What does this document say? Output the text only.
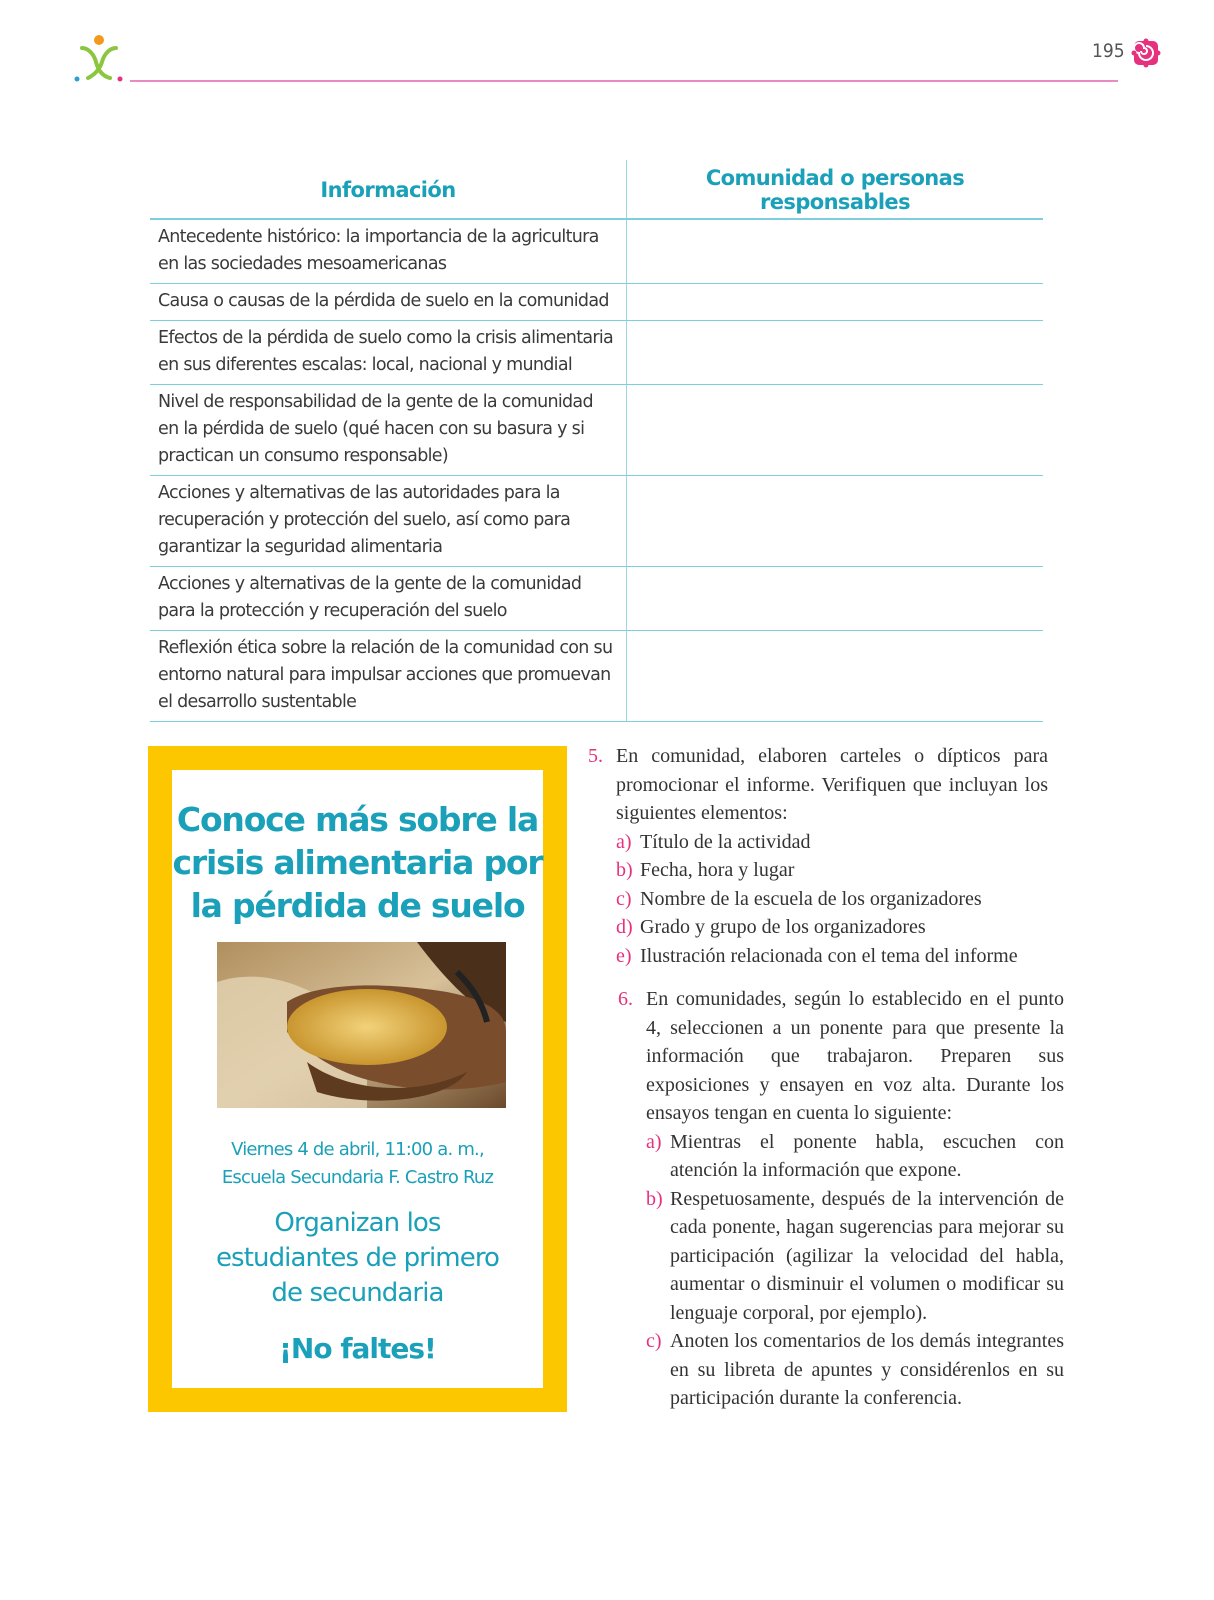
195
Información	Comunidad o personas responsables
Antecedente histórico: la importancia de la agricultura en las sociedades mesoamericanas	
Causa o causas de la pérdida de suelo en la comunidad	
Efectos de la pérdida de suelo como la crisis alimentaria en sus diferentes escalas: local, nacional y mundial	
Nivel de responsabilidad de la gente de la comunidad en la pérdida de suelo (qué hacen con su basura y si practican un consumo responsable)	
Acciones y alternativas de las autoridades para la recuperación y protección del suelo, así como para garantizar la seguridad alimentaria	
Acciones y alternativas de la gente de la comunidad para la protección y recuperación del suelo	
Reflexión ética sobre la relación de la comunidad con su entorno natural para impulsar acciones que promuevan el desarrollo sustentable	
Conoce más sobre la
crisis alimentaria por
la pérdida de suelo
Viernes 4 de abril, 11:00 a. m.,
Escuela Secundaria F. Castro Ruz
Organizan los
estudiantes de primero
de secundaria
¡No faltes!
5. En comunidad, elaboren carteles o dípticos para promocionar el informe. Verifiquen que incluyan los siguientes elementos:
a) Título de la actividad
b) Fecha, hora y lugar
c) Nombre de la escuela de los organizadores
d) Grado y grupo de los organizadores
e) Ilustración relacionada con el tema del informe
6. En comunidades, según lo establecido en el punto 4, seleccionen a un ponente para que presente la información que trabajaron. Preparen sus exposiciones y ensayen en voz alta. Durante los ensayos tengan en cuenta lo siguiente:
a) Mientras el ponente habla, escuchen con atención la información que expone.
b) Respetuosamente, después de la intervención de cada ponente, hagan sugerencias para mejorar su participación (agilizar la velocidad del habla, aumentar o disminuir el volumen o modificar su lenguaje corporal, por ejemplo).
c) Anoten los comentarios de los demás integrantes en su libreta de apuntes y considérenlos en su participación durante la conferencia.
